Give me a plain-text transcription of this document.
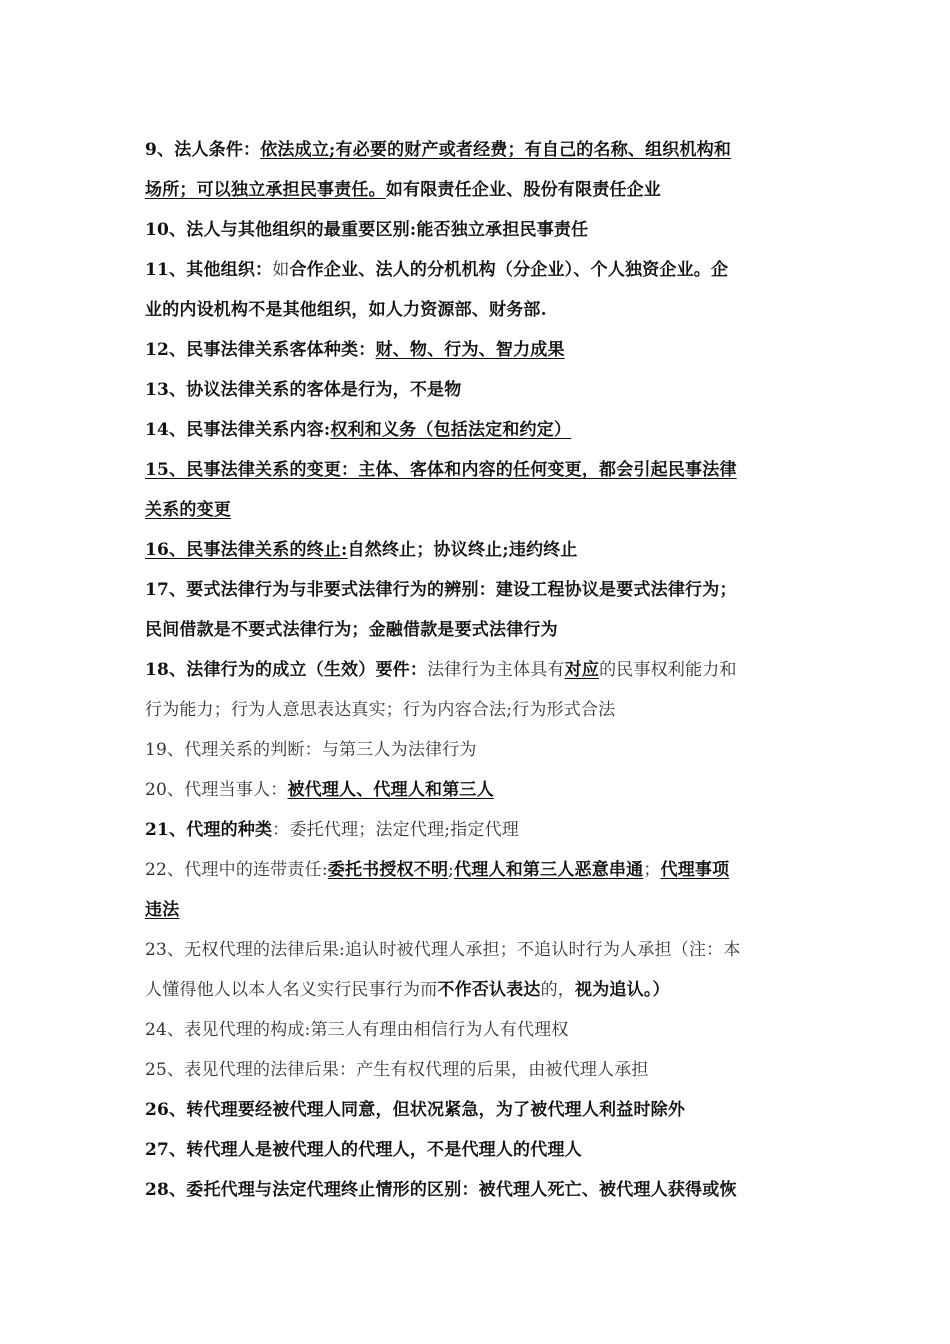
9、法人条件：依法成立;有必要的财产或者经费；有自己的名称、组织机构和
场所；可以独立承担民事责任。如有限责任企业、股份有限责任企业
10、法人与其他组织的最重要区别:能否独立承担民事责任
11、其他组织：如合作企业、法人的分机机构（分企业）、个人独资企业。企
业的内设机构不是其他组织，如人力资源部、财务部.
12、民事法律关系客体种类：财、物、行为、智力成果
13、协议法律关系的客体是行为，不是物
14、民事法律关系内容:权利和义务（包括法定和约定）
15、民事法律关系的变更：主体、客体和内容的任何变更，都会引起民事法律
关系的变更
16、民事法律关系的终止:自然终止；协议终止;违约终止
17、要式法律行为与非要式法律行为的辨别：建设工程协议是要式法律行为；
民间借款是不要式法律行为；金融借款是要式法律行为
18、法律行为的成立（生效）要件：法律行为主体具有对应的民事权利能力和
行为能力；行为人意思表达真实；行为内容合法;行为形式合法
19、代理关系的判断：与第三人为法律行为
20、代理当事人：被代理人、代理人和第三人
21、代理的种类：委托代理；法定代理;指定代理
22、代理中的连带责任:委托书授权不明;代理人和第三人恶意串通；代理事项
违法
23、无权代理的法律后果:追认时被代理人承担；不追认时行为人承担（注：本
人懂得他人以本人名义实行民事行为而不作否认表达的，视为追认。）
24、表见代理的构成:第三人有理由相信行为人有代理权
25、表见代理的法律后果：产生有权代理的后果，由被代理人承担
26、转代理要经被代理人同意，但状况紧急，为了被代理人利益时除外
27、转代理人是被代理人的代理人，不是代理人的代理人
28、委托代理与法定代理终止情形的区别：被代理人死亡、被代理人获得或恢
